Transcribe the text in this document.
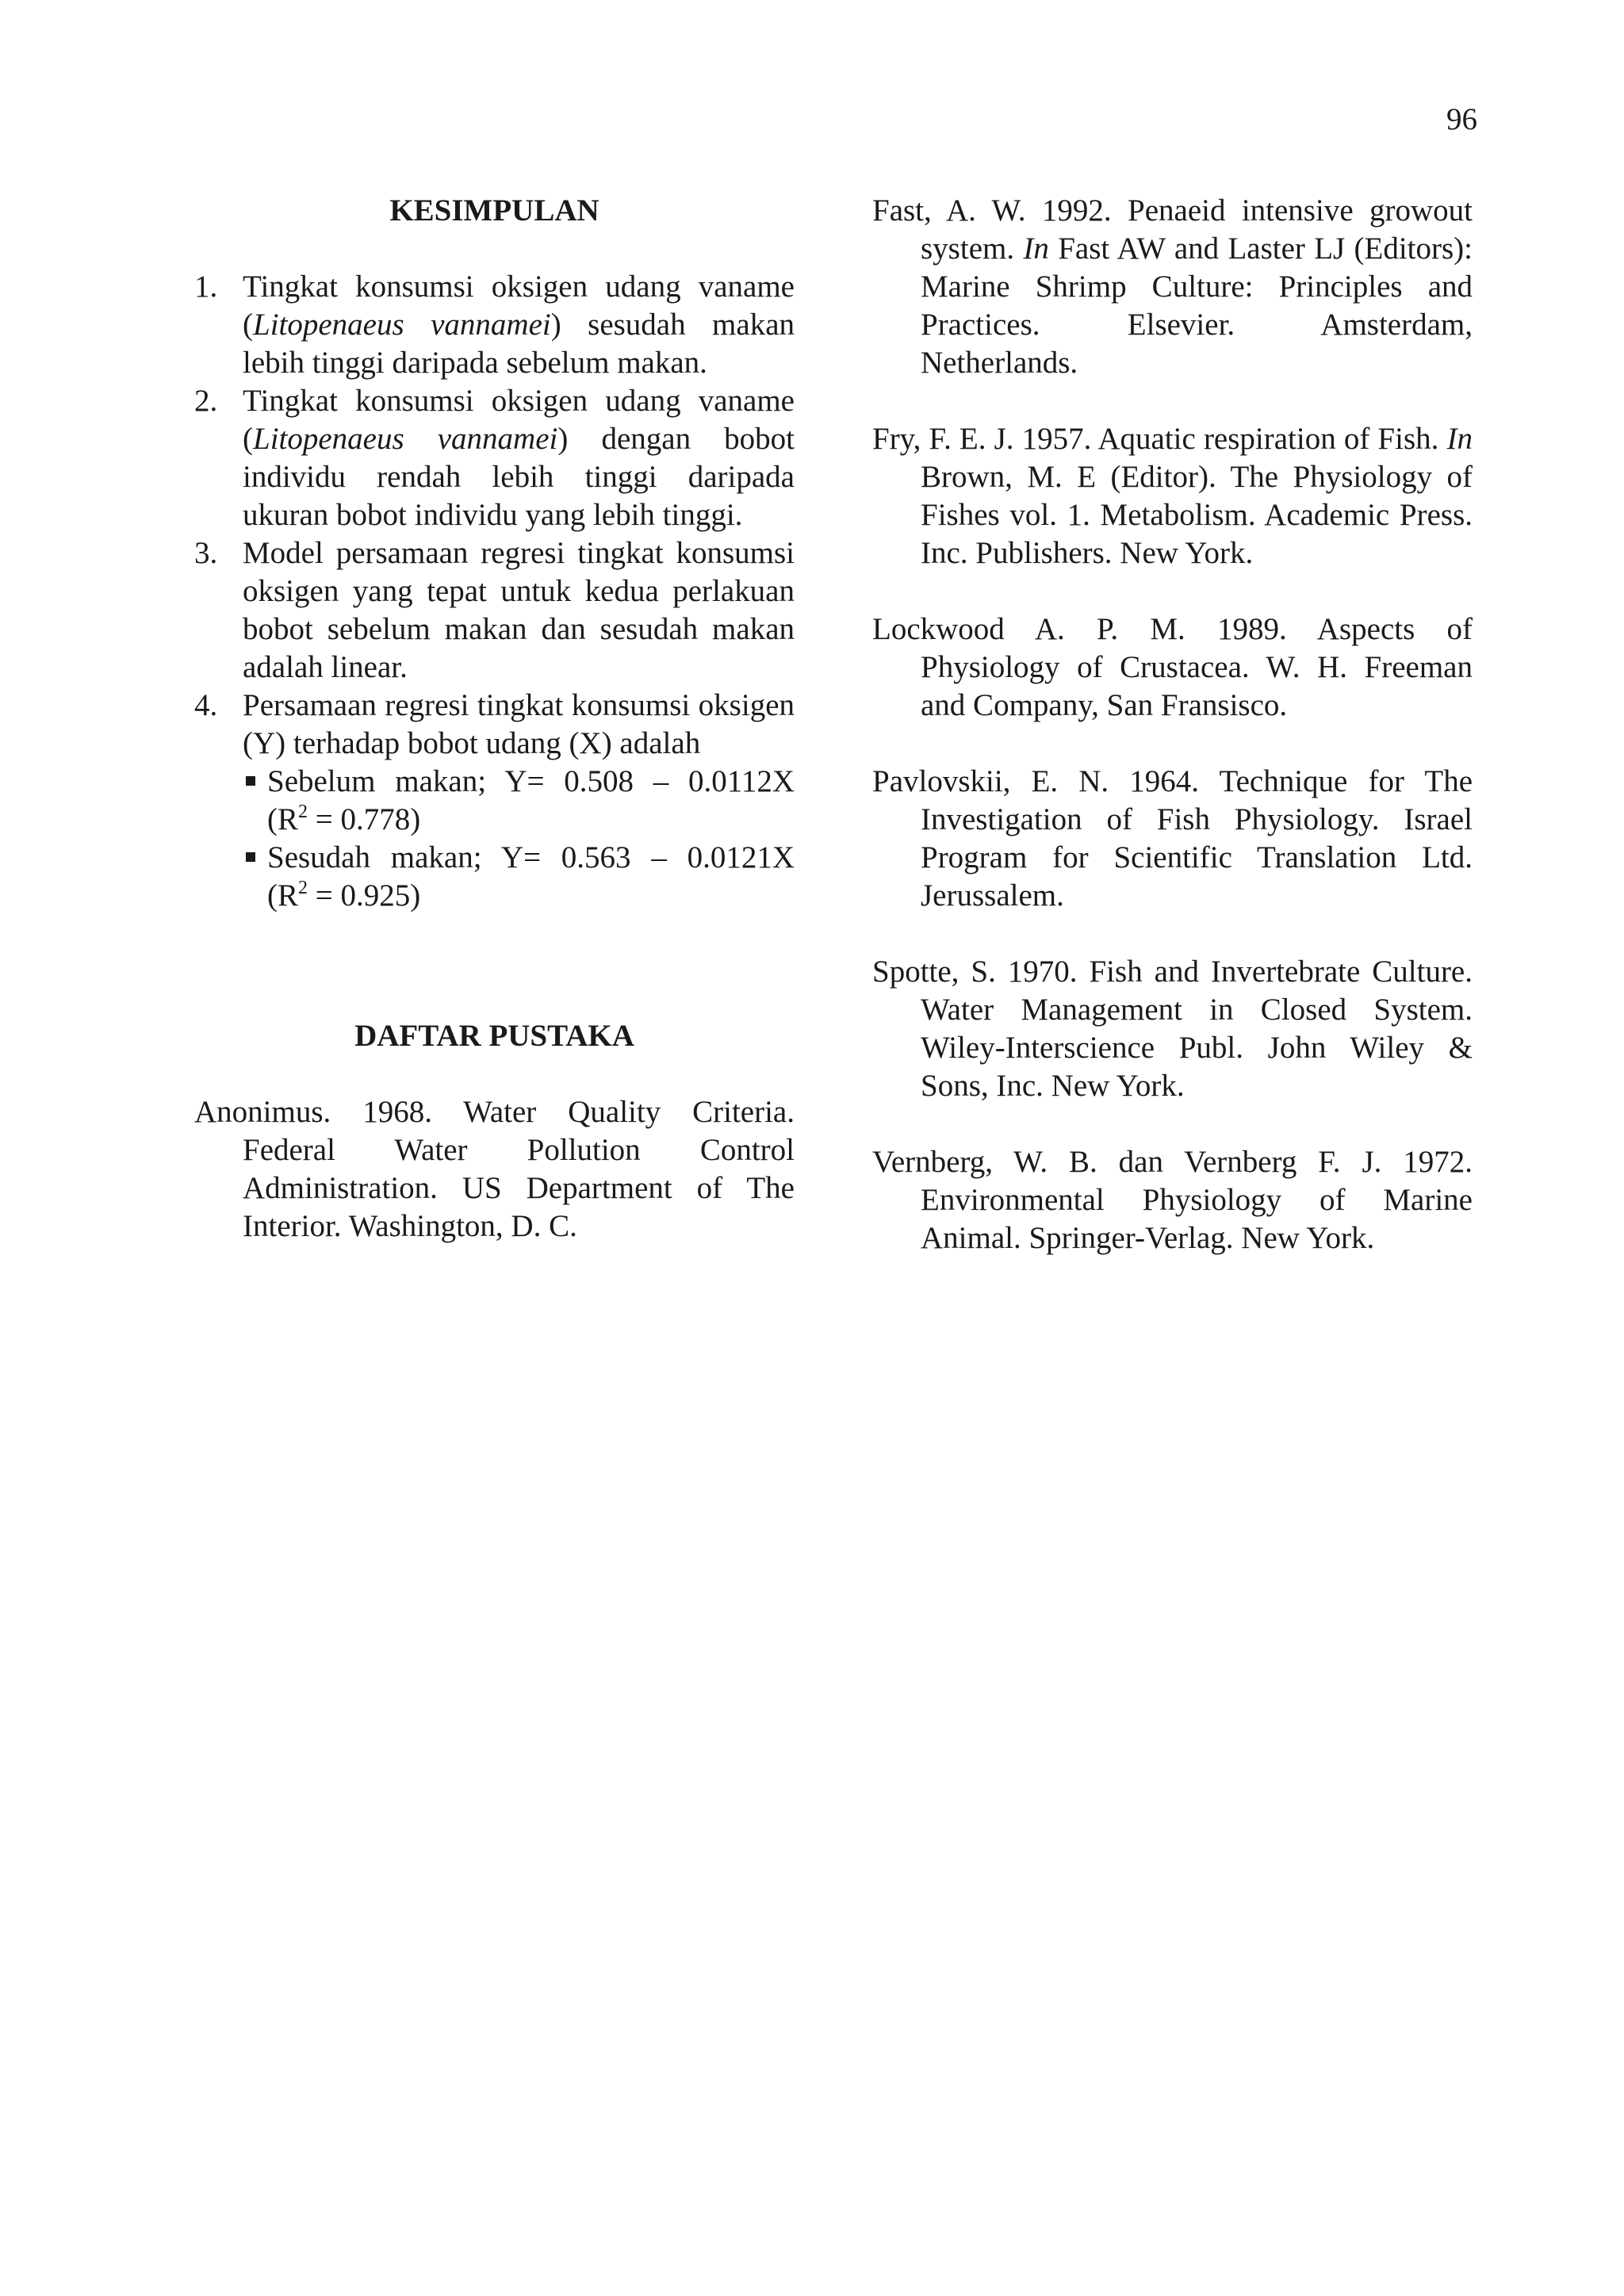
96
KESIMPULAN
1. Tingkat konsumsi oksigen udang vaname (Litopenaeus vannamei) sesudah makan lebih tinggi daripada sebelum makan.
2. Tingkat konsumsi oksigen udang vaname (Litopenaeus vannamei) dengan bobot individu rendah lebih tinggi daripada ukuran bobot individu yang lebih tinggi.
3. Model persamaan regresi tingkat konsumsi oksigen yang tepat untuk kedua perlakuan bobot sebelum makan dan sesudah makan adalah linear.
4. Persamaan regresi tingkat konsumsi oksigen (Y) terhadap bobot udang (X) adalah
Sebelum makan; Y= 0.508 – 0.0112X
$(R^2 = 0.778)$
Sesudah makan; Y= 0.563 – 0.0121X
$(R^2 = 0.925)$
DAFTAR PUSTAKA

Anonimus. 1968. Water Quality Criteria. Federal Water Pollution Control Administration. US Department of The Interior. Washington, D. C.

Fast, A. W. 1992. Penaeid intensive growout system. In Fast AW and Laster LJ (Editors): Marine Shrimp Culture: Principles and Practices. Elsevier. Amsterdam, Netherlands.

Fry, F. E. J. 1957. Aquatic respiration of Fish. In Brown, M. E (Editor). The Physiology of Fishes vol. 1. Metabolism. Academic Press. Inc. Publishers. New York.

Lockwood A. P. M. 1989. Aspects of Physiology of Crustacea. W. H. Freeman and Company, San Fransisco.

Pavlovskii, E. N. 1964. Technique for The Investigation of Fish Physiology. Israel Program for Scientific Translation Ltd. Jerussalem.

Spotte, S. 1970. Fish and Invertebrate Culture. Water Management in Closed System. Wiley-Interscience Publ. John Wiley & Sons, Inc. New York.

Vernberg, W. B. dan Vernberg F. J. 1972. Environmental Physiology of Marine Animal. Springer-Verlag. New York.
